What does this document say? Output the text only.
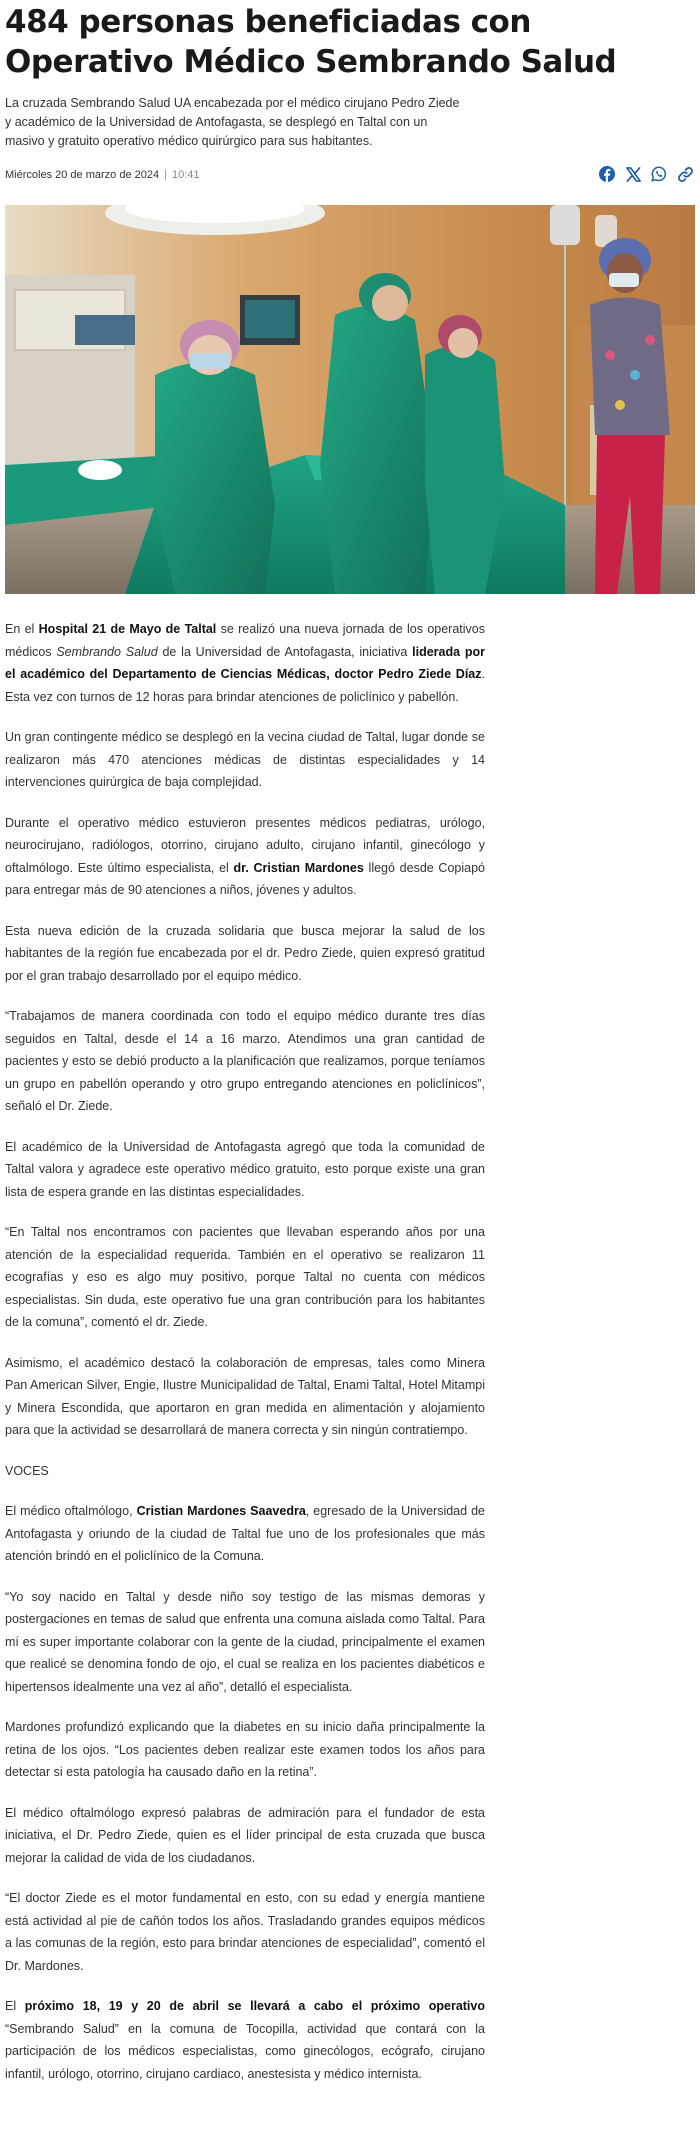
484 personas beneficiadas con Operativo Médico Sembrando Salud

La cruzada Sembrando Salud UA encabezada por el médico cirujano Pedro Ziede y académico de la Universidad de Antofagasta, se desplegó en Taltal con un masivo y gratuito operativo médico quirúrgico para sus habitantes.

Miércoles 20 de marzo de 2024 | 10:41

En el Hospital 21 de Mayo de Taltal se realizó una nueva jornada de los operativos médicos Sembrando Salud de la Universidad de Antofagasta, iniciativa liderada por el académico del Departamento de Ciencias Médicas, doctor Pedro Ziede Díaz. Esta vez con turnos de 12 horas para brindar atenciones de policlínico y pabellón.

Un gran contingente médico se desplegó en la vecina ciudad de Taltal, lugar donde se realizaron más 470 atenciones médicas de distintas especialidades y 14 intervenciones quirúrgica de baja complejidad.

Durante el operativo médico estuvieron presentes médicos pediatras, urólogo, neurocirujano, radiólogos, otorrino, cirujano adulto, cirujano infantil, ginecólogo y oftalmólogo. Este último especialista, el dr. Cristian Mardones llegó desde Copiapó para entregar más de 90 atenciones a niños, jóvenes y adultos.

Esta nueva edición de la cruzada solidaria que busca mejorar la salud de los habitantes de la región fue encabezada por el dr. Pedro Ziede, quien expresó gratitud por el gran trabajo desarrollado por el equipo médico.

“Trabajamos de manera coordinada con todo el equipo médico durante tres días seguidos en Taltal, desde el 14 a 16 marzo. Atendimos una gran cantidad de pacientes y esto se debió producto a la planificación que realizamos, porque teníamos un grupo en pabellón operando y otro grupo entregando atenciones en policlínicos”, señaló el Dr. Ziede.

El académico de la Universidad de Antofagasta agregó que toda la comunidad de Taltal valora y agradece este operativo médico gratuito, esto porque existe una gran lista de espera grande en las distintas especialidades.

“En Taltal nos encontramos con pacientes que llevaban esperando años por una atención de la especialidad requerida. También en el operativo se realizaron 11 ecografías y eso es algo muy positivo, porque Taltal no cuenta con médicos especialistas. Sin duda, este operativo fue una gran contribución para los habitantes de la comuna”, comentó el dr. Ziede.

Asimismo, el académico destacó la colaboración de empresas, tales como Minera Pan American Silver, Engie, Ilustre Municipalidad de Taltal, Enami Taltal, Hotel Mitampi y Minera Escondida, que aportaron en gran medida en alimentación y alojamiento para que la actividad se desarrollará de manera correcta y sin ningún contratiempo.

VOCES

El médico oftalmólogo, Cristian Mardones Saavedra, egresado de la Universidad de Antofagasta y oriundo de la ciudad de Taltal fue uno de los profesionales que más atención brindó en el policlínico de la Comuna.

“Yo soy nacido en Taltal y desde niño soy testigo de las mismas demoras y postergaciones en temas de salud que enfrenta una comuna aislada como Taltal. Para mí es super importante colaborar con la gente de la ciudad, principalmente el examen que realicé se denomina fondo de ojo, el cual se realiza en los pacientes diabéticos e hipertensos idealmente una vez al año”, detalló el especialista.

Mardones profundizó explicando que la diabetes en su inicio daña principalmente la retina de los ojos. “Los pacientes deben realizar este examen todos los años para detectar si esta patología ha causado daño en la retina”.

El médico oftalmólogo expresó palabras de admiración para el fundador de esta iniciativa, el Dr. Pedro Ziede, quien es el líder principal de esta cruzada que busca mejorar la calidad de vida de los ciudadanos.

“El doctor Ziede es el motor fundamental en esto, con su edad y energía mantiene está actividad al pie de cañón todos los años. Trasladando grandes equipos médicos a las comunas de la región, esto para brindar atenciones de especialidad”, comentó el Dr. Mardones.

El próximo 18, 19 y 20 de abril se llevará a cabo el próximo operativo “Sembrando Salud” en la comuna de Tocopilla, actividad que contará con la participación de los médicos especialistas, como ginecólogos, ecógrafo, cirujano infantil, urólogo, otorrino, cirujano cardiaco, anestesista y médico internista.
